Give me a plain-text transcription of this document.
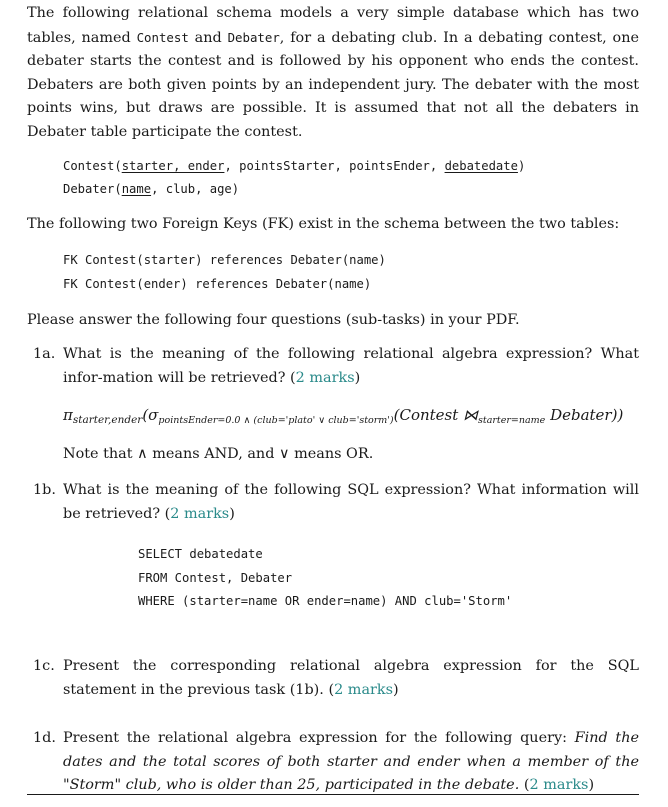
The following relational schema models a very simple database which has two tables, named Contest and Debater, for a debating club. In a debating contest, one debater starts the contest and is followed by his opponent who ends the contest. Debaters are both given points by an independent jury. The debater with the most points wins, but draws are possible. It is assumed that not all the debaters in Debater table participate the contest.
Contest(starter, ender, pointsStarter, pointsEnder, debatedate)
Debater(name, club, age)
The following two Foreign Keys (FK) exist in the schema between the two tables:
FK Contest(starter) references Debater(name)
FK Contest(ender) references Debater(name)
Please answer the following four questions (sub-tasks) in your PDF.
1a. What is the meaning of the following relational algebra expression? What infor-mation will be retrieved? (2 marks)
$\pi_{starter,ender}(\sigma pointsEnder=0.0$ ∧ (club='plato' ∨ club='storm')(Contest ⋈starter=name Debater))
Note that ∧ means AND, and ∨ means OR.
1b. What is the meaning of the following SQL expression? What information will be retrieved? (2 marks)
SELECT debatedate
FROM Contest, Debater
WHERE (starter=name OR ender=name) AND club='Storm'
1c. Present the corresponding relational algebra expression for the SQL statement in the previous task (1b). (2 marks)
1d. Present the relational algebra expression for the following query: Find the dates and the total scores of both starter and ender when a member of the "Storm" club, who is older than 25, participated in the debate. (2 marks)
